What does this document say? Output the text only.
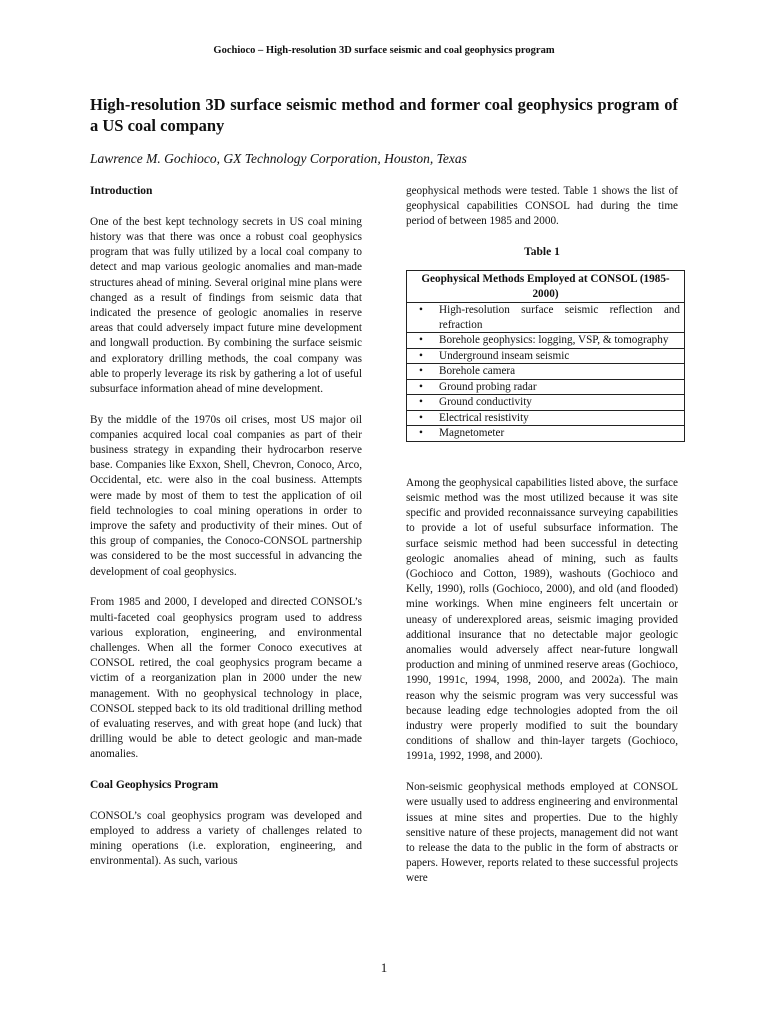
Gochioco – High-resolution 3D surface seismic and coal geophysics program
High-resolution 3D surface seismic method and former coal geophysics program of a US coal company

Lawrence M. Gochioco, GX Technology Corporation, Houston, Texas

Introduction

One of the best kept technology secrets in US coal mining history was that there was once a robust coal geophysics program that was fully utilized by a local coal company to detect and map various geologic anomalies and man-made structures ahead of mining. Several original mine plans were changed as a result of findings from seismic data that indicated the presence of geologic anomalies in reserve areas that could adversely impact future mine development and longwall production. By combining the surface seismic and exploratory drilling methods, the coal company was able to properly leverage its risk by gathering a lot of useful subsurface information ahead of mine development.

By the middle of the 1970s oil crises, most US major oil companies acquired local coal companies as part of their business strategy in expanding their hydrocarbon reserve base. Companies like Exxon, Shell, Chevron, Conoco, Arco, Occidental, etc. were also in the coal business. Attempts were made by most of them to test the application of oil field technologies to coal mining operations in order to improve the safety and productivity of their mines. Out of this group of companies, the Conoco-CONSOL partnership was considered to be the most successful in advancing the development of coal geophysics.

From 1985 and 2000, I developed and directed CONSOL’s multi-faceted coal geophysics program used to address various exploration, engineering, and environmental challenges. When all the former Conoco executives at CONSOL retired, the coal geophysics program became a victim of a reorganization plan in 2000 under the new management. With no geophysical technology in place, CONSOL stepped back to its old traditional drilling method of evaluating reserves, and with great hope (and luck) that drilling would be able to detect geologic and man-made anomalies.

Coal Geophysics Program

CONSOL’s coal geophysics program was developed and employed to address a variety of challenges related to mining operations (i.e. exploration, engineering, and environmental). As such, various

geophysical methods were tested. Table 1 shows the list of geophysical capabilities CONSOL had during the time period of between 1985 and 2000.

Table 1
Geophysical Methods Employed at CONSOL (1985-2000)	
•	High-resolution surface seismic reflection and refraction
•	Borehole geophysics: logging, VSP, & tomography
•	Underground inseam seismic
•	Borehole camera
•	Ground probing radar
•	Ground conductivity
•	Electrical resistivity
•	Magnetometer

Among the geophysical capabilities listed above, the surface seismic method was the most utilized because it was site specific and provided reconnaissance surveying capabilities to provide a lot of useful subsurface information. The surface seismic method had been successful in detecting geologic anomalies ahead of mining, such as faults (Gochioco and Cotton, 1989), washouts (Gochioco and Kelly, 1990), rolls (Gochioco, 2000), and old (and flooded) mine workings. When mine engineers felt uncertain or uneasy of underexplored areas, seismic imaging provided additional insurance that no detectable major geologic anomalies would adversely affect near-future longwall production and mining of unmined reserve areas (Gochioco, 1990, 1991c, 1994, 1998, 2000, and 2002a). The main reason why the seismic program was very successful was because leading edge technologies adopted from the oil industry were properly modified to suit the boundary conditions of shallow and thin-layer targets (Gochioco, 1991a, 1992, 1998, and 2000).

Non-seismic geophysical methods employed at CONSOL were usually used to address engineering and environmental issues at mine sites and properties. Due to the highly sensitive nature of these projects, management did not want to release the data to the public in the form of abstracts or papers. However, reports related to these successful projects were

1
